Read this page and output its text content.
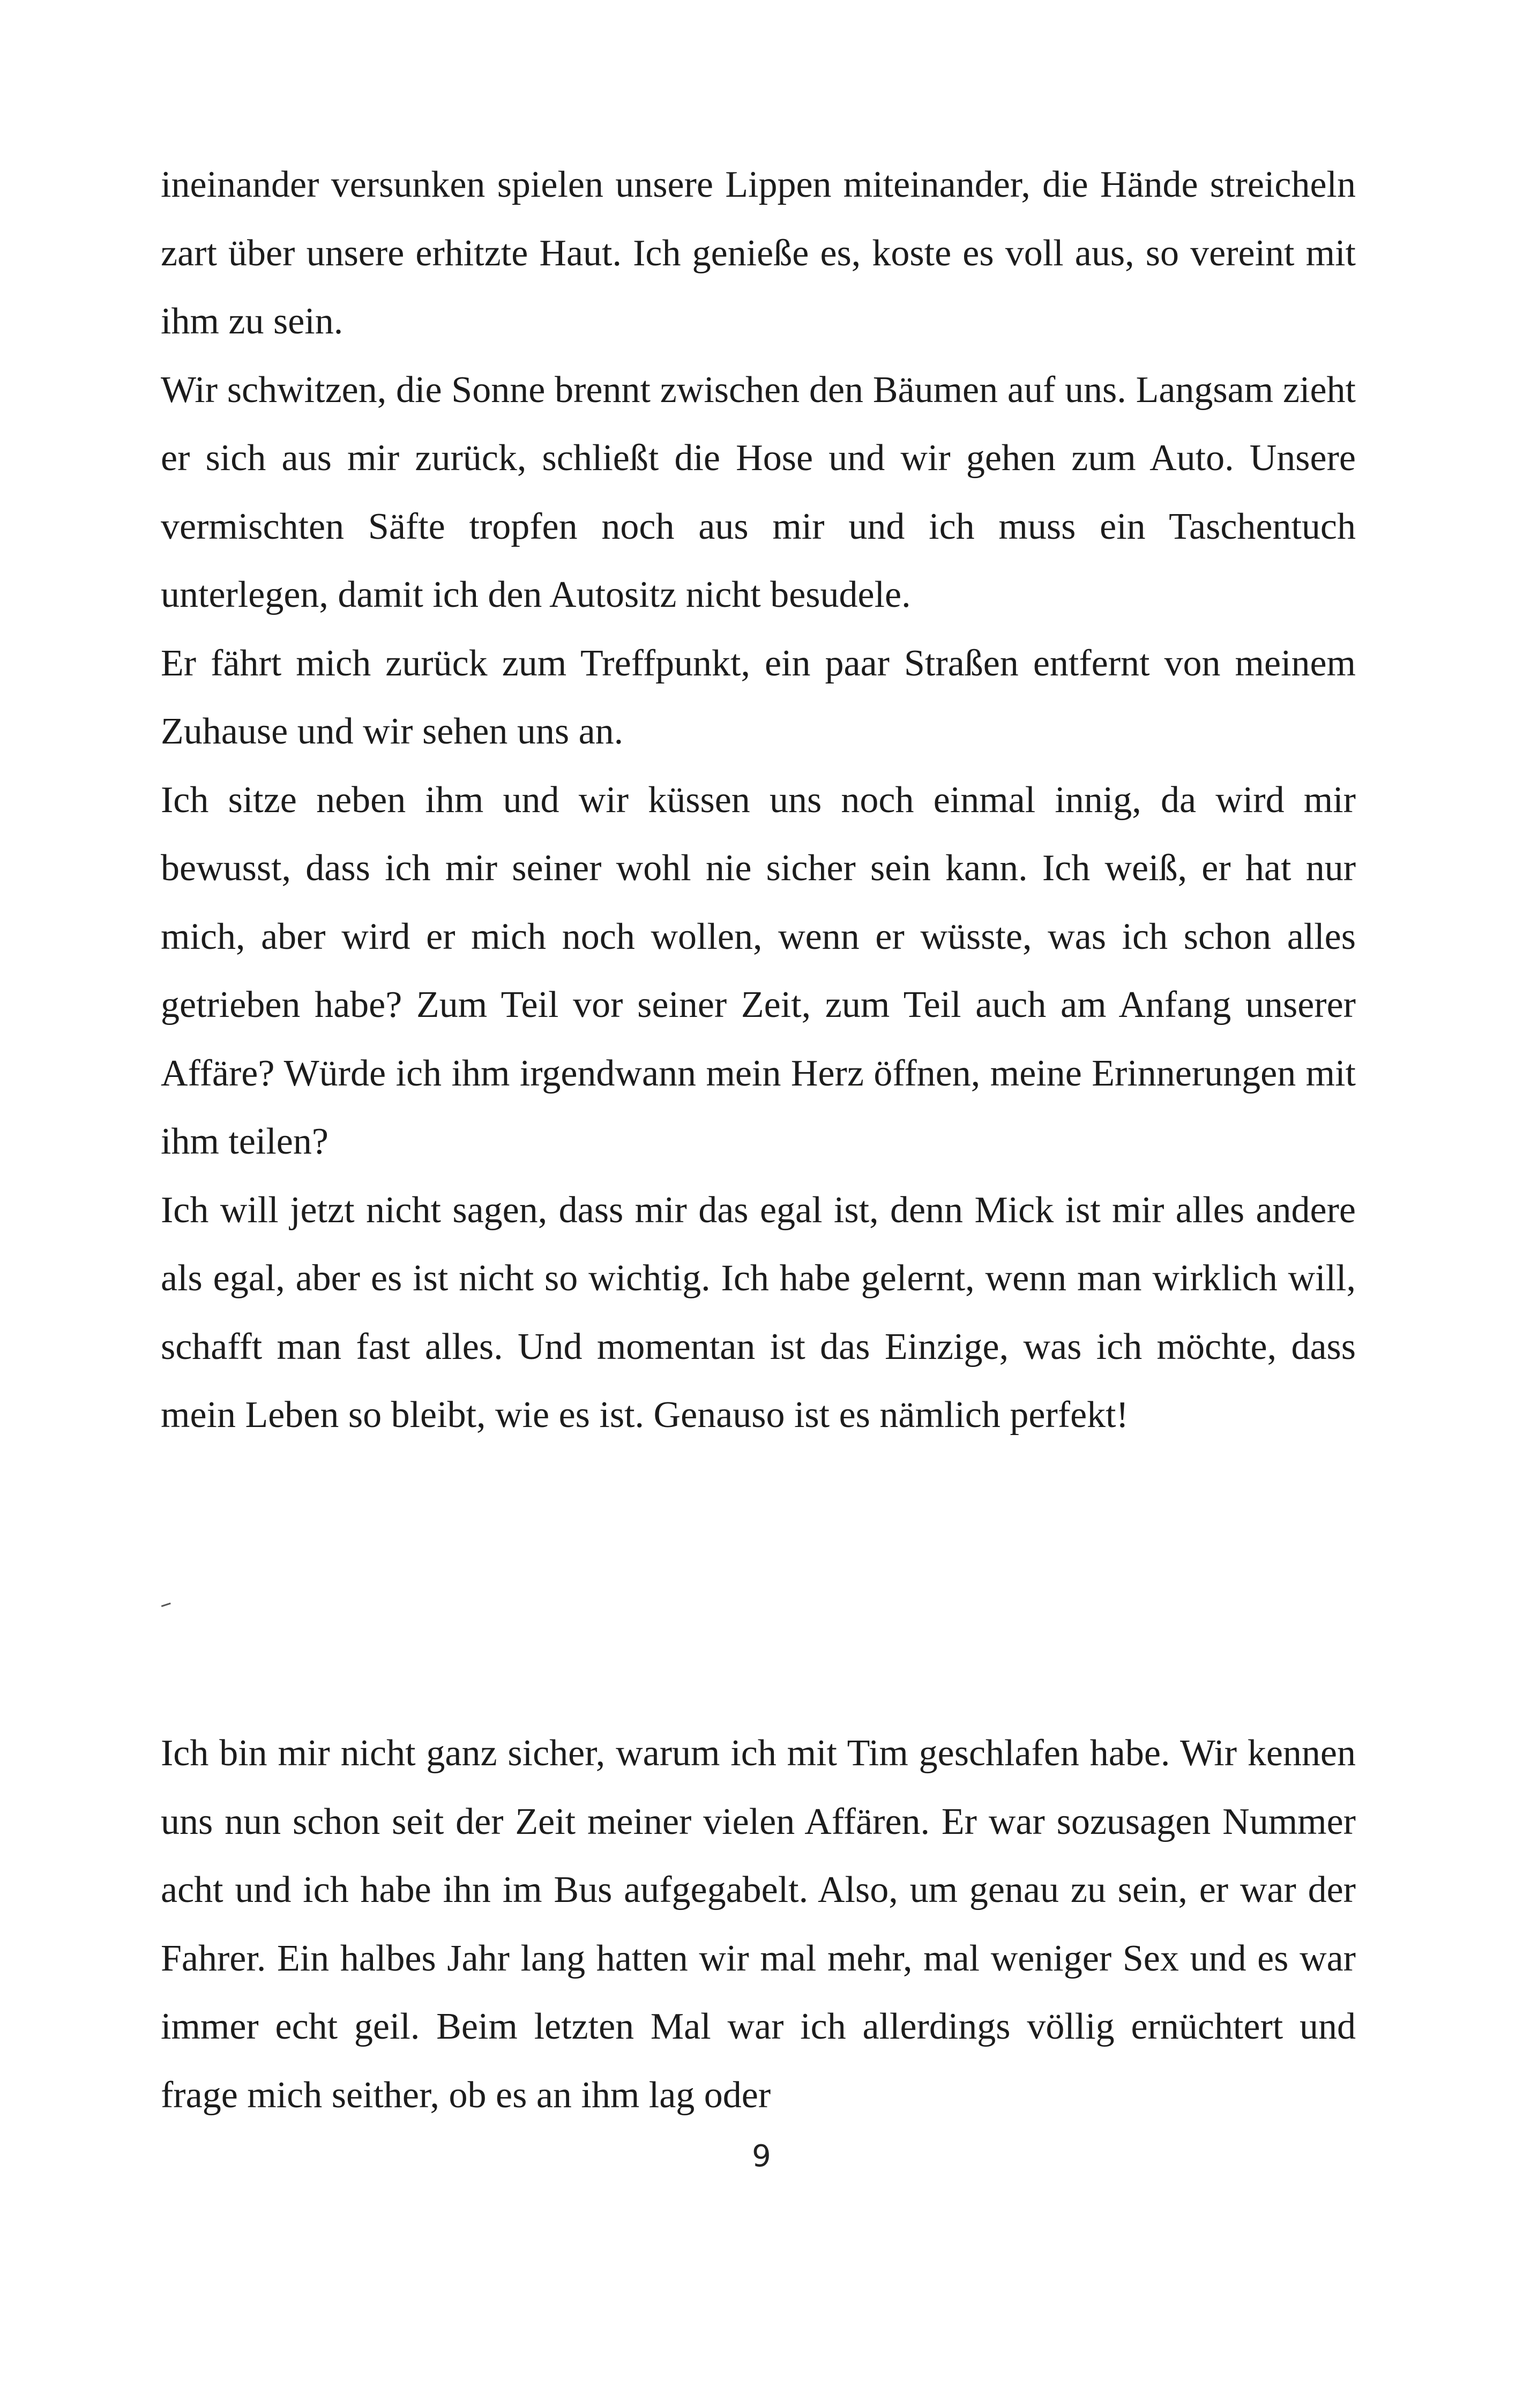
ineinander versunken spielen unsere Lippen miteinander, die Hände streicheln zart über unsere erhitzte Haut. Ich genieße es, koste es voll aus, so vereint mit ihm zu sein.

Wir schwitzen, die Sonne brennt zwischen den Bäumen auf uns. Langsam zieht er sich aus mir zurück, schließt die Hose und wir gehen zum Auto. Unsere vermischten Säfte tropfen noch aus mir und ich muss ein Taschentuch unterlegen, damit ich den Autositz nicht besudele.

Er fährt mich zurück zum Treffpunkt, ein paar Straßen entfernt von meinem Zuhause und wir sehen uns an.

Ich sitze neben ihm und wir küssen uns noch einmal innig, da wird mir bewusst, dass ich mir seiner wohl nie sicher sein kann. Ich weiß, er hat nur mich, aber wird er mich noch wollen, wenn er wüsste, was ich schon alles getrieben habe? Zum Teil vor seiner Zeit, zum Teil auch am Anfang unserer Affäre? Würde ich ihm irgendwann mein Herz öffnen, meine Erinnerungen mit ihm teilen?

Ich will jetzt nicht sagen, dass mir das egal ist, denn Mick ist mir alles andere als egal, aber es ist nicht so wichtig. Ich habe gelernt, wenn man wirklich will, schafft man fast alles. Und momentan ist das Einzige, was ich möchte, dass mein Leben so bleibt, wie es ist. Genauso ist es nämlich perfekt!

Ich bin mir nicht ganz sicher, warum ich mit Tim geschlafen habe. Wir kennen uns nun schon seit der Zeit meiner vielen Affären. Er war sozusagen Nummer acht und ich habe ihn im Bus aufgegabelt. Also, um genau zu sein, er war der Fahrer. Ein halbes Jahr lang hatten wir mal mehr, mal weniger Sex und es war immer echt geil. Beim letzten Mal war ich allerdings völlig ernüchtert und frage mich seither, ob es an ihm lag oder

9
